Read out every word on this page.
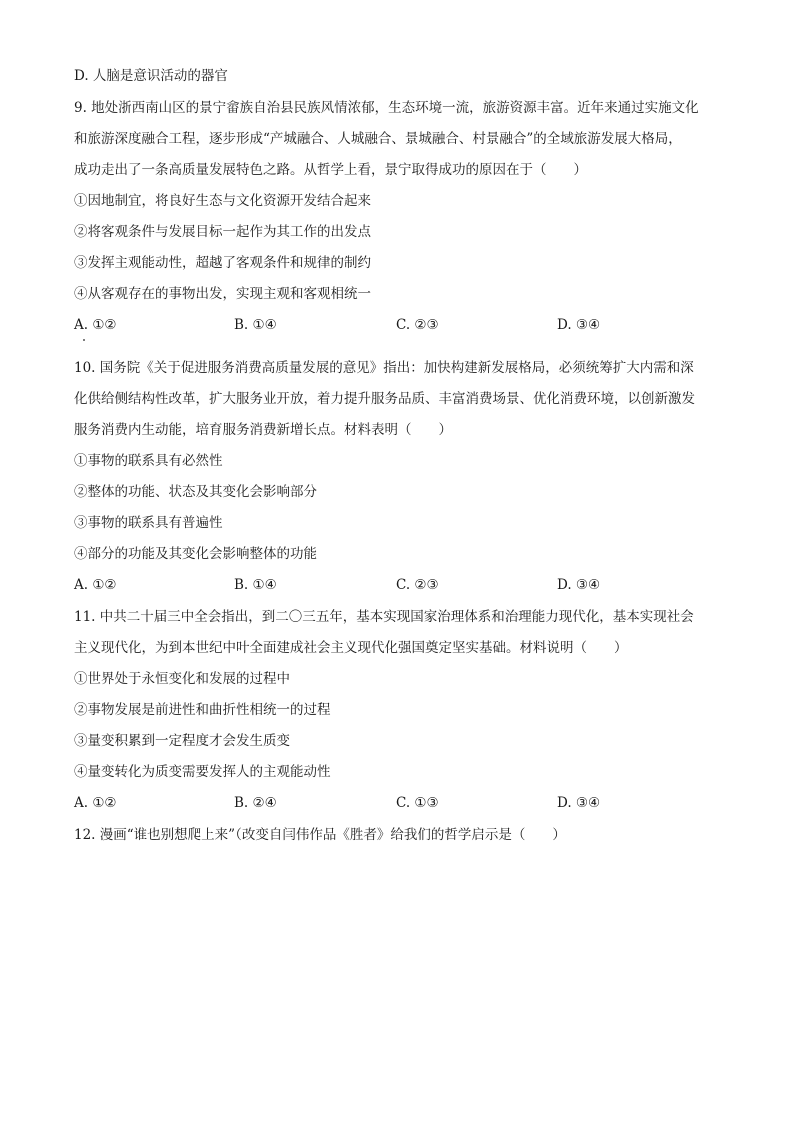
D. 人脑是意识活动的器官
9. 地处浙西南山区的景宁畲族自治县民族风情浓郁，生态环境一流，旅游资源丰富。近年来通过实施文化
和旅游深度融合工程，逐步形成“产城融合、人城融合、景城融合、村景融合”的全域旅游发展大格局，
成功走出了一条高质量发展特色之路。从哲学上看，景宁取得成功的原因在于（　　）
①因地制宜，将良好生态与文化资源开发结合起来
②将客观条件与发展目标一起作为其工作的出发点
③发挥主观能动性，超越了客观条件和规律的制约
④从客观存在的事物出发，实现主观和客观相统一
A. ①②	B. ①④	C. ②③	D. ③④
10. 国务院《关于促进服务消费高质量发展的意见》指出：加快构建新发展格局，必须统筹扩大内需和深
化供给侧结构性改革，扩大服务业开放，着力提升服务品质、丰富消费场景、优化消费环境，以创新激发
服务消费内生动能，培育服务消费新增长点。材料表明（　　）
①事物的联系具有必然性
②整体的功能、状态及其变化会影响部分
③事物的联系具有普遍性
④部分的功能及其变化会影响整体的功能
A. ①②	B. ①④	C. ②③	D. ③④
11. 中共二十届三中全会指出，到二〇三五年，基本实现国家治理体系和治理能力现代化，基本实现社会
主义现代化，为到本世纪中叶全面建成社会主义现代化强国奠定坚实基础。材料说明（　　）
①世界处于永恒变化和发展的过程中
②事物发展是前进性和曲折性相统一的过程
③量变积累到一定程度才会发生质变
④量变转化为质变需要发挥人的主观能动性
A. ①②	B. ②④	C. ①③	D. ③④
12. 漫画“谁也别想爬上来”（改变自闫伟作品《胜者》给我们的哲学启示是（　　）
